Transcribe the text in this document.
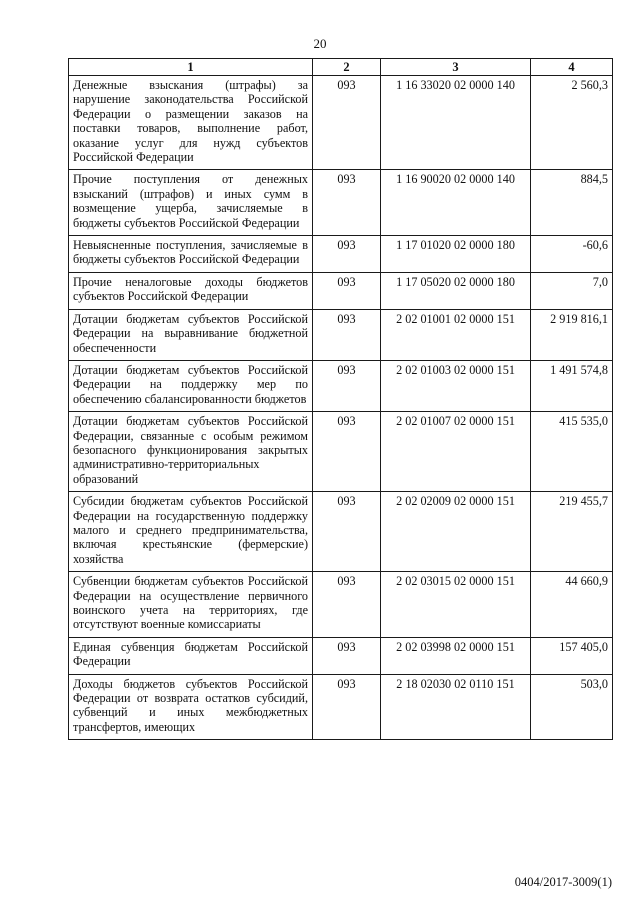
20
1	2	3	4
Денежные взыскания (штрафы) за нарушение законодательства Российской Федерации о размещении заказов на поставки товаров, выполнение работ, оказание услуг для нужд субъектов Российской Федерации	093	1 16 33020 02 0000 140	2 560,3
Прочие поступления от денежных взысканий (штрафов) и иных сумм в возмещение ущерба, зачисляемые в бюджеты субъектов Российской Федерации	093	1 16 90020 02 0000 140	884,5
Невыясненные поступления, зачисляемые в бюджеты субъектов Российской Федерации	093	1 17 01020 02 0000 180	-60,6
Прочие неналоговые доходы бюджетов субъектов Российской Федерации	093	1 17 05020 02 0000 180	7,0
Дотации бюджетам субъектов Российской Федерации на выравнивание бюджетной обеспеченности	093	2 02 01001 02 0000 151	2 919 816,1
Дотации бюджетам субъектов Российской Федерации на поддержку мер по обеспечению сбалансированности бюджетов	093	2 02 01003 02 0000 151	1 491 574,8
Дотации бюджетам субъектов Российской Федерации, связанные с особым режимом безопасного функционирования закрытых административно-территориальных образований	093	2 02 01007 02 0000 151	415 535,0
Субсидии бюджетам субъектов Российской Федерации на государственную поддержку малого и среднего предпринимательства, включая крестьянские (фермерские) хозяйства	093	2 02 02009 02 0000 151	219 455,7
Субвенции бюджетам субъектов Российской Федерации на осуществление первичного воинского учета на территориях, где отсутствуют военные комиссариаты	093	2 02 03015 02 0000 151	44 660,9
Единая субвенция бюджетам Российской Федерации	093	2 02 03998 02 0000 151	157 405,0
Доходы бюджетов субъектов Российской Федерации от возврата остатков субсидий, субвенций и иных межбюджетных трансфертов, имеющих	093	2 18 02030 02 0110 151	503,0
0404/2017-3009(1)
